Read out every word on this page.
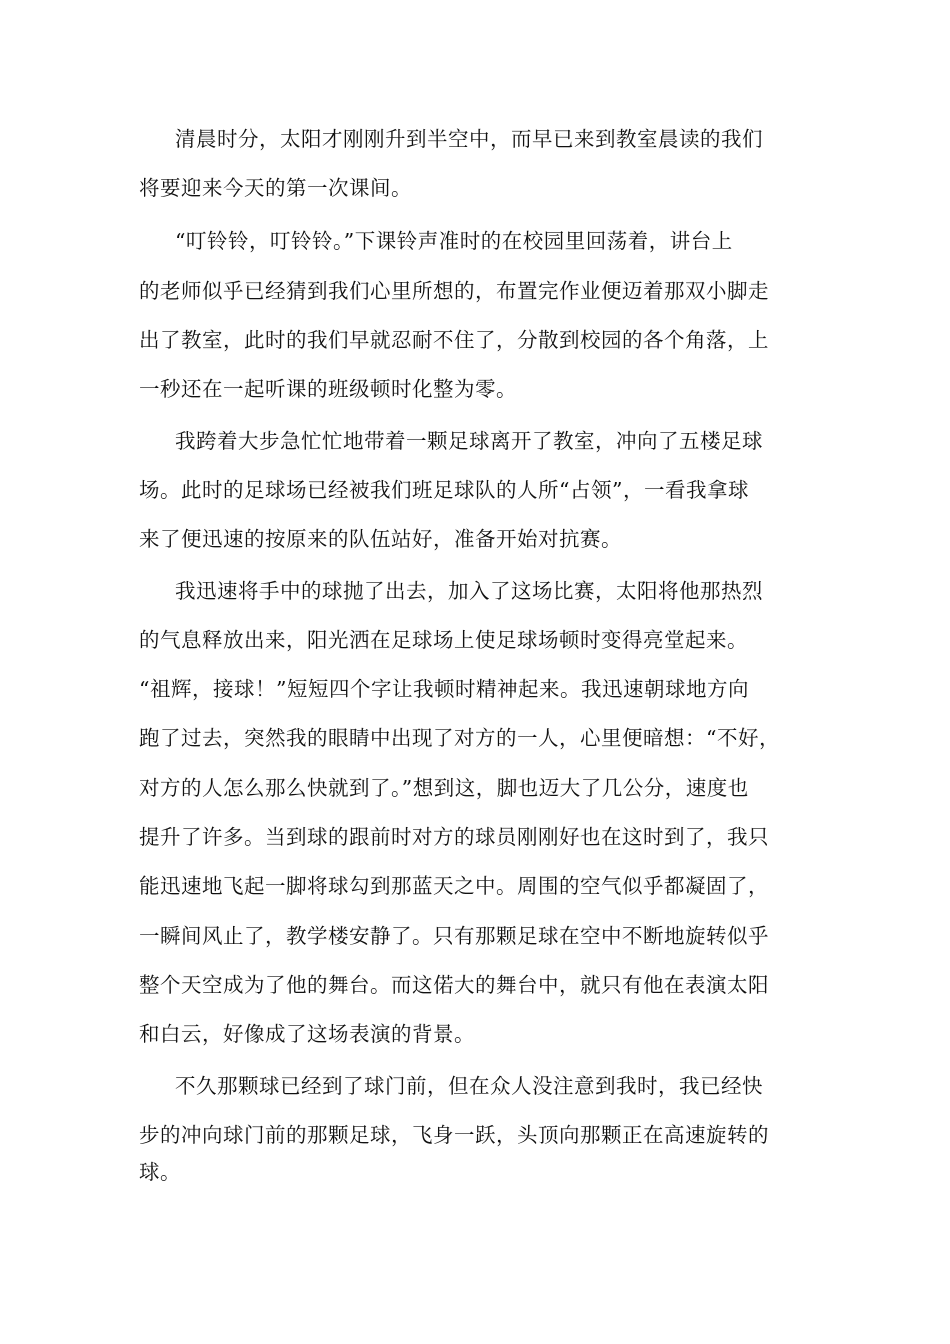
清晨时分，太阳才刚刚升到半空中，而早已来到教室晨读的我们
将要迎来今天的第一次课间。
“叮铃铃，叮铃铃。”下课铃声准时的在校园里回荡着，讲台上
的老师似乎已经猜到我们心里所想的，布置完作业便迈着那双小脚走
出了教室，此时的我们早就忍耐不住了，分散到校园的各个角落，上
一秒还在一起听课的班级顿时化整为零。
我跨着大步急忙忙地带着一颗足球离开了教室，冲向了五楼足球
场。此时的足球场已经被我们班足球队的人所“占领”，一看我拿球
来了便迅速的按原来的队伍站好，准备开始对抗赛。
我迅速将手中的球抛了出去，加入了这场比赛，太阳将他那热烈
的气息释放出来，阳光洒在足球场上使足球场顿时变得亮堂起来。
“祖辉，接球！”短短四个字让我顿时精神起来。我迅速朝球地方向
跑了过去，突然我的眼睛中出现了对方的一人，心里便暗想：“不好，
对方的人怎么那么快就到了。”想到这，脚也迈大了几公分，速度也
提升了许多。当到球的跟前时对方的球员刚刚好也在这时到了，我只
能迅速地飞起一脚将球勾到那蓝天之中。周围的空气似乎都凝固了，
一瞬间风止了，教学楼安静了。只有那颗足球在空中不断地旋转似乎
整个天空成为了他的舞台。而这偌大的舞台中，就只有他在表演太阳
和白云，好像成了这场表演的背景。
不久那颗球已经到了球门前，但在众人没注意到我时，我已经快
步的冲向球门前的那颗足球，飞身一跃，头顶向那颗正在高速旋转的
球。
